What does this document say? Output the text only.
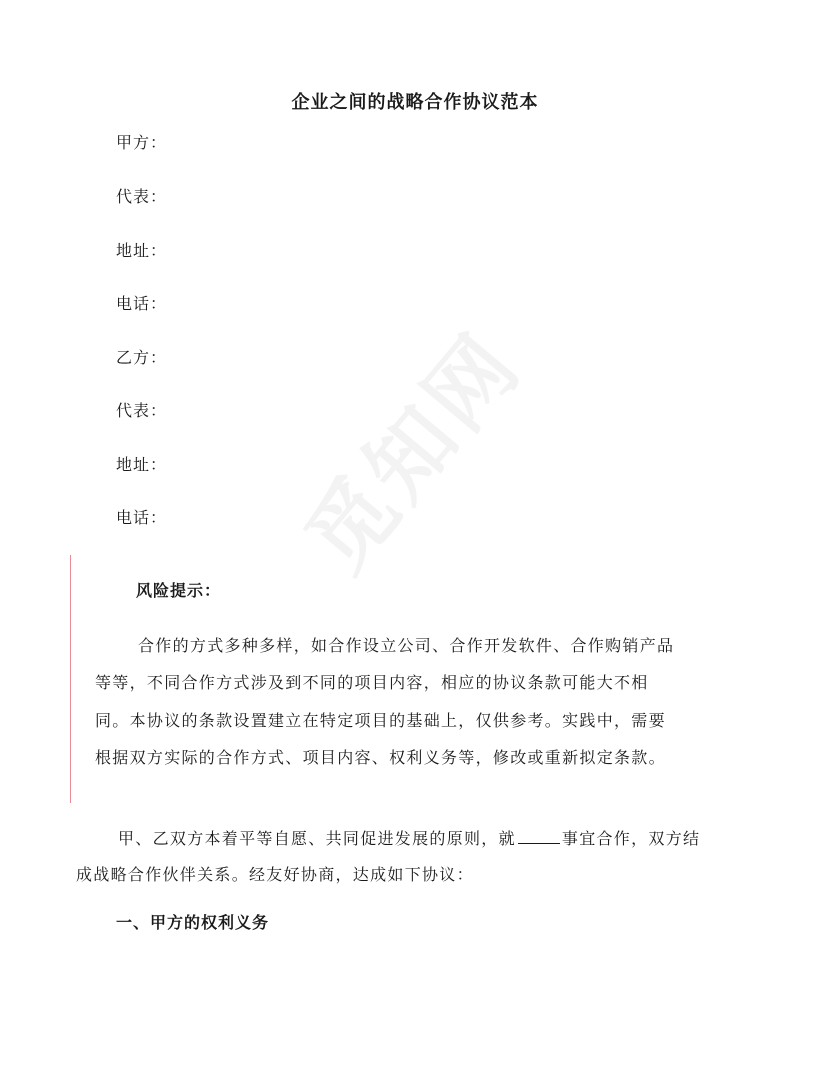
企业之间的战略合作协议范本
甲方：
代表：
地址：
电话：
乙方：
代表：
地址：
电话：
风险提示：
合作的方式多种多样，如合作设立公司、合作开发软件、合作购销产品
等等，不同合作方式涉及到不同的项目内容，相应的协议条款可能大不相
同。本协议的条款设置建立在特定项目的基础上，仅供参考。实践中，需要
根据双方实际的合作方式、项目内容、权利义务等，修改或重新拟定条款。
甲、乙双方本着平等自愿、共同促进发展的原则，就	事宜合作，双方结
成战略合作伙伴关系。经友好协商，达成如下协议：
一、甲方的权利义务
